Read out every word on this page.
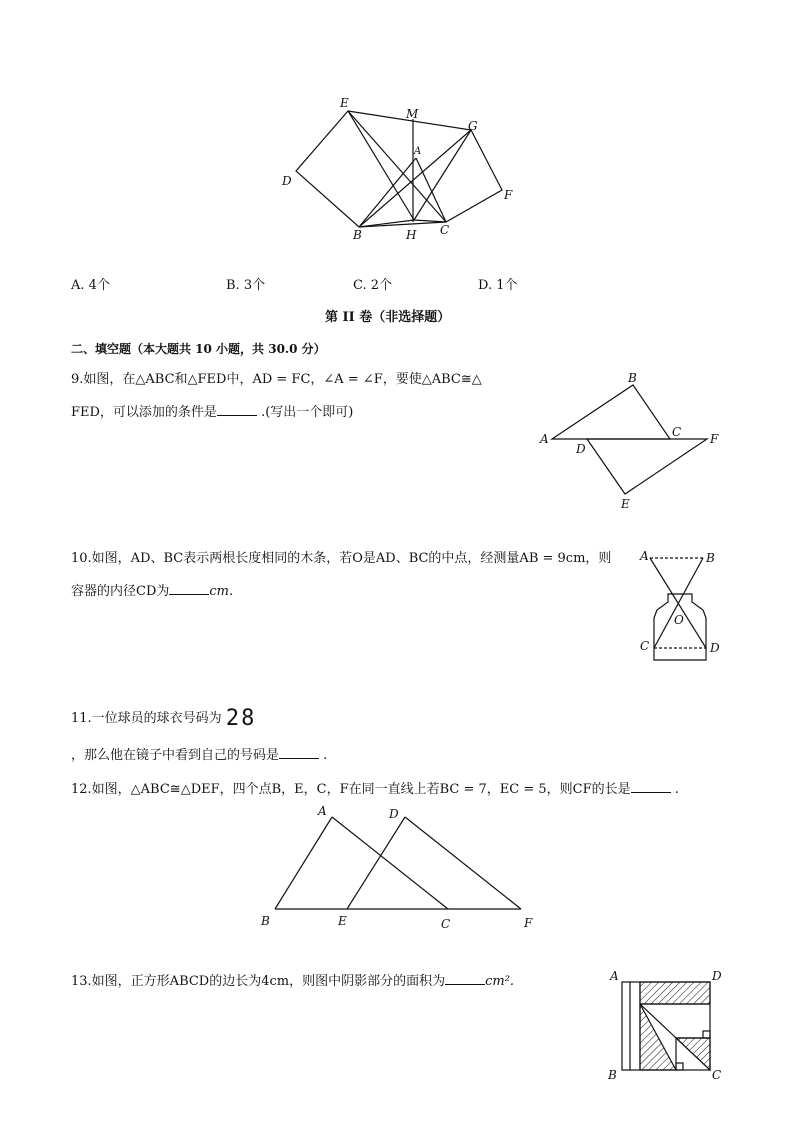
E
M
G
A
D
F
B	H C
A. 4个	B. 3个	C. 2个	D. 1个
第 II 卷（非选择题）
二、填空题（本大题共 10 小题，共 30.0 分）
9.如图，在△ABC和△FED中，AD = FC，∠A = ∠F，要使△ABC≅△
FED，可以添加的条件是	.(写出一个即可)
B
A	C F
D
E
10.如图，AD、BC表示两根长度相同的木条，若O是AD、BC的中点，经测量AB = 9cm，则
容器的内径CD为	cm.
A	B
O
C	D
11.一位球员的球衣号码为 28
，那么他在镜子中看到自己的号码是	.
12.如图，△ABC≅△DEF，四个点B，E，C，F在同一直线上若BC = 7，EC = 5，则CF的长是	.
A	D
B	E	C	F
13.如图，正方形ABCD的边长为4cm，则图中阴影部分的面积为	cm².	A	D
B	C
